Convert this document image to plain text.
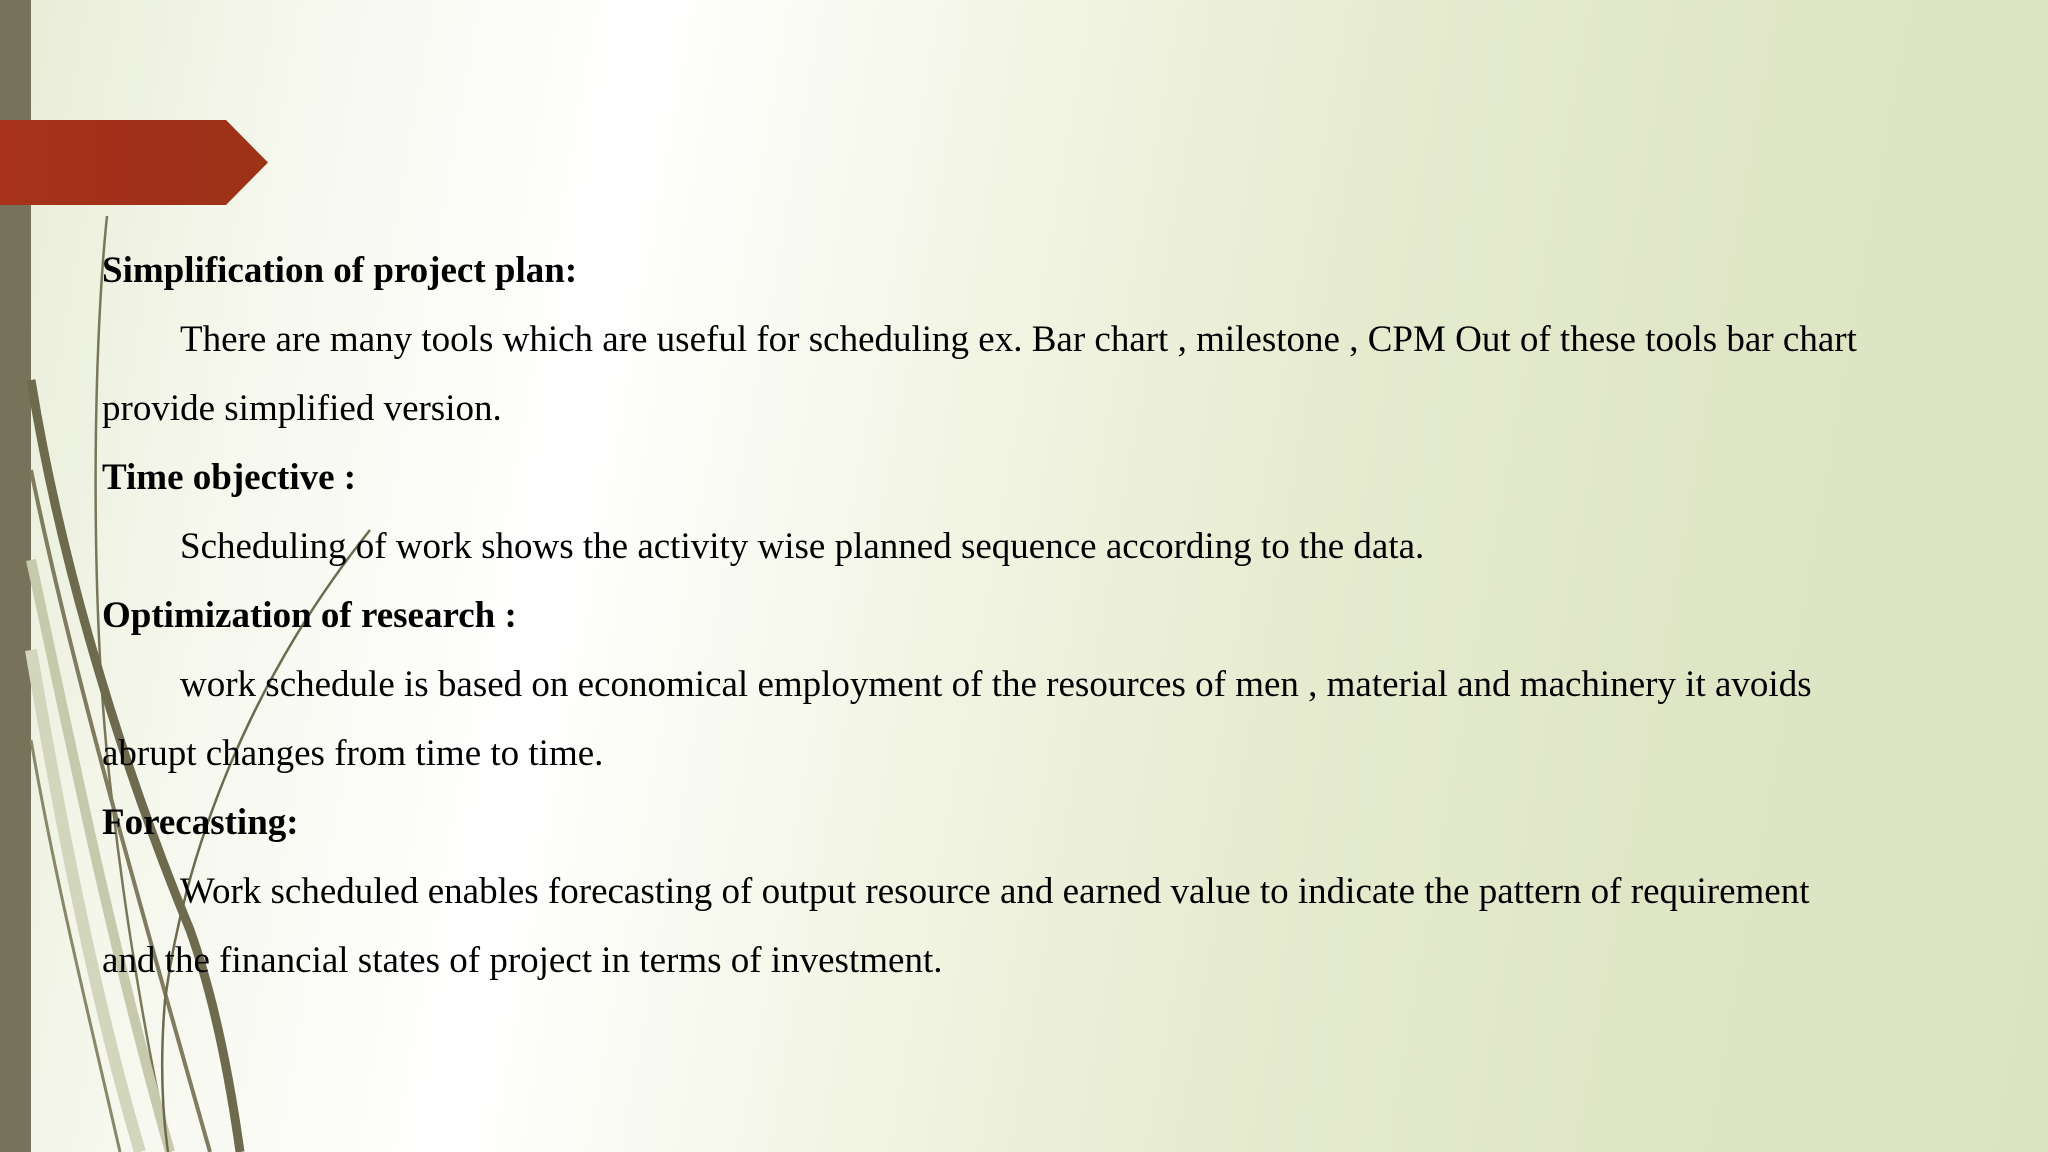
Simplification of project plan:
There are many tools which are useful for scheduling ex. Bar chart , milestone , CPM Out of these tools bar chart
provide simplified version.
Time objective :
Scheduling of work shows the activity wise planned sequence according to the data.
Optimization of research :
work schedule is based on economical employment of the resources of men , material and machinery it avoids
abrupt changes from time to time.
Forecasting:
Work scheduled enables forecasting of output resource and earned value to indicate the pattern of requirement
and the financial states of project in terms of investment.
